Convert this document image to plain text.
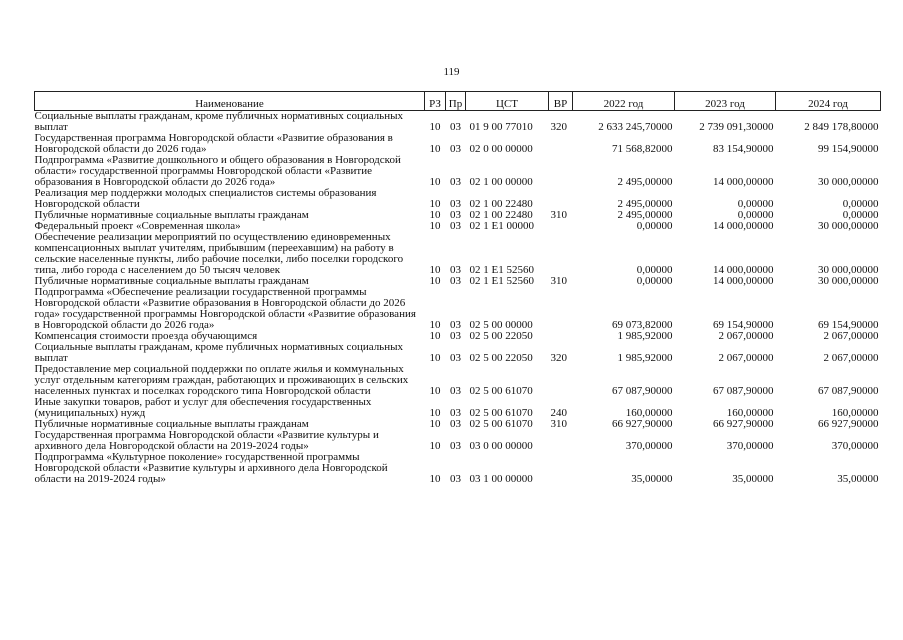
119
Наименование	РЗ	Пр	ЦСТ	ВР	2022 год	2023 год	2024 год
Социальные выплаты гражданам, кроме публичных нормативных социальных выплат	10	03	01 9 00 77010	320	2 633 245,70000	2 739 091,30000	2 849 178,80000
Государственная программа Новгородской области «Развитие образования в Новгородской области до 2026 года»	10	03	02 0 00 00000		71 568,82000	83 154,90000	99 154,90000
Подпрограмма «Развитие дошкольного и общего образования в Новгородской области» государственной программы Новгородской области «Развитие образования в Новгородской области до 2026 года»	10	03	02 1 00 00000		2 495,00000	14 000,00000	30 000,00000
Реализация мер поддержки молодых специалистов системы образования Новгородской области	10	03	02 1 00 22480		2 495,00000	0,00000	0,00000
Публичные нормативные социальные выплаты гражданам	10	03	02 1 00 22480	310	2 495,00000	0,00000	0,00000
Федеральный проект «Современная школа»	10	03	02 1 E1 00000		0,00000	14 000,00000	30 000,00000
Обеспечение реализации мероприятий по осуществлению единовременных компенсационных выплат учителям, прибывшим (переехавшим) на работу в сельские населенные пункты, либо рабочие поселки, либо поселки городского типа, либо города с населением до 50 тысяч человек	10	03	02 1 E1 52560		0,00000	14 000,00000	30 000,00000
Публичные нормативные социальные выплаты гражданам	10	03	02 1 E1 52560	310	0,00000	14 000,00000	30 000,00000
Подпрограмма «Обеспечение реализации государственной программы Новгородской области «Развитие образования в Новгородской области до 2026 года» государственной программы Новгородской области «Развитие образования в Новгородской области до 2026 года»	10	03	02 5 00 00000		69 073,82000	69 154,90000	69 154,90000
Компенсация стоимости проезда обучающимся	10	03	02 5 00 22050		1 985,92000	2 067,00000	2 067,00000
Социальные выплаты гражданам, кроме публичных нормативных социальных выплат	10	03	02 5 00 22050	320	1 985,92000	2 067,00000	2 067,00000
Предоставление мер социальной поддержки по оплате жилья и коммунальных услуг отдельным категориям граждан, работающих и проживающих в сельских населенных пунктах и поселках городского типа Новгородской области	10	03	02 5 00 61070		67 087,90000	67 087,90000	67 087,90000
Иные закупки товаров, работ и услуг для обеспечения государственных (муниципальных) нужд	10	03	02 5 00 61070	240	160,00000	160,00000	160,00000
Публичные нормативные социальные выплаты гражданам	10	03	02 5 00 61070	310	66 927,90000	66 927,90000	66 927,90000
Государственная программа Новгородской области «Развитие культуры и архивного дела Новгородской области на 2019-2024 годы»	10	03	03 0 00 00000		370,00000	370,00000	370,00000
Подпрограмма «Культурное поколение» государственной программы Новгородской области «Развитие культуры и архивного дела Новгородской области на 2019-2024 годы»	10	03	03 1 00 00000		35,00000	35,00000	35,00000
